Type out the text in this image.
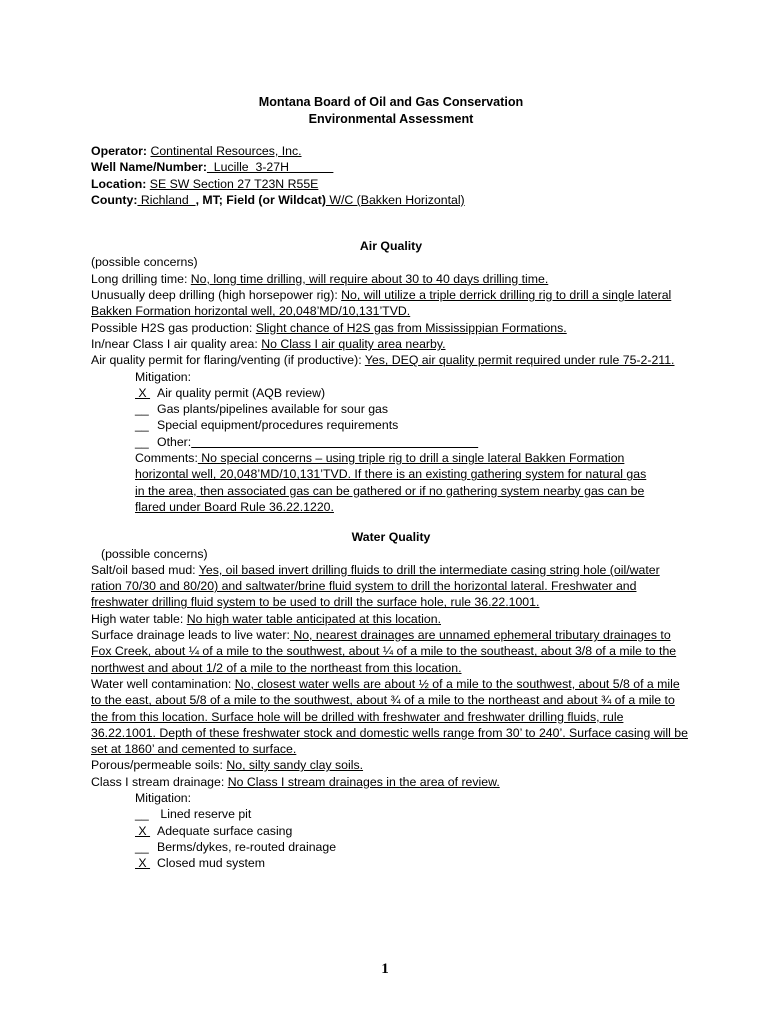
Montana Board of Oil and Gas Conservation
Environmental Assessment
Operator: Continental Resources, Inc.
Well Name/Number:  Lucille  3-27H
Location: SE SW Section 27 T23N R55E
County: Richland  , MT; Field (or Wildcat) W/C (Bakken Horizontal)
Air Quality
(possible concerns)
Long drilling time: No, long time drilling, will require about 30 to 40 days drilling time.
Unusually deep drilling (high horsepower rig): No, will utilize a triple derrick drilling rig to drill a single lateral Bakken Formation horizontal well, 20,048’MD/10,131’TVD.
Possible H2S gas production: Slight chance of H2S gas from Mississippian Formations.
In/near Class I air quality area: No Class I air quality area nearby.
Air quality permit for flaring/venting (if productive): Yes, DEQ air quality permit required under rule 75-2-211.
Mitigation:
X Air quality permit (AQB review)
__ Gas plants/pipelines available for sour gas
__ Special equipment/procedures requirements
__ Other:
Comments: No special concerns – using triple rig to drill a single lateral Bakken Formation horizontal well, 20,048’MD/10,131’TVD. If there is an existing gathering system for natural gas in the area, then associated gas can be gathered or if no gathering system nearby gas can be flared under Board Rule 36.22.1220.
Water Quality
(possible concerns)
Salt/oil based mud: Yes, oil based invert drilling fluids to drill the intermediate casing string hole (oil/water ration 70/30 and 80/20) and saltwater/brine fluid system to drill the horizontal lateral. Freshwater and freshwater drilling fluid system to be used to drill the surface hole, rule 36.22.1001.
High water table: No high water table anticipated at this location.
Surface drainage leads to live water: No, nearest drainages are unnamed ephemeral tributary drainages to Fox Creek, about ¼ of a mile to the southwest, about ¼ of a mile to the southeast, about 3/8 of a mile to the northwest and about 1/2 of a mile to the northeast from this location.
Water well contamination: No, closest water wells are about ½ of a mile to the southwest, about 5/8 of a mile to the east, about 5/8 of a mile to the southwest, about ¾ of a mile to the northeast and about ¾ of a mile to the from this location. Surface hole will be drilled with freshwater and freshwater drilling fluids, rule 36.22.1001. Depth of these freshwater stock and domestic wells range from 30’ to 240’. Surface casing will be set at 1860’ and cemented to surface.
Porous/permeable soils: No, silty sandy clay soils.
Class I stream drainage: No Class I stream drainages in the area of review.
Mitigation:
__ Lined reserve pit
X Adequate surface casing
__ Berms/dykes, re-routed drainage
X Closed mud system
1
